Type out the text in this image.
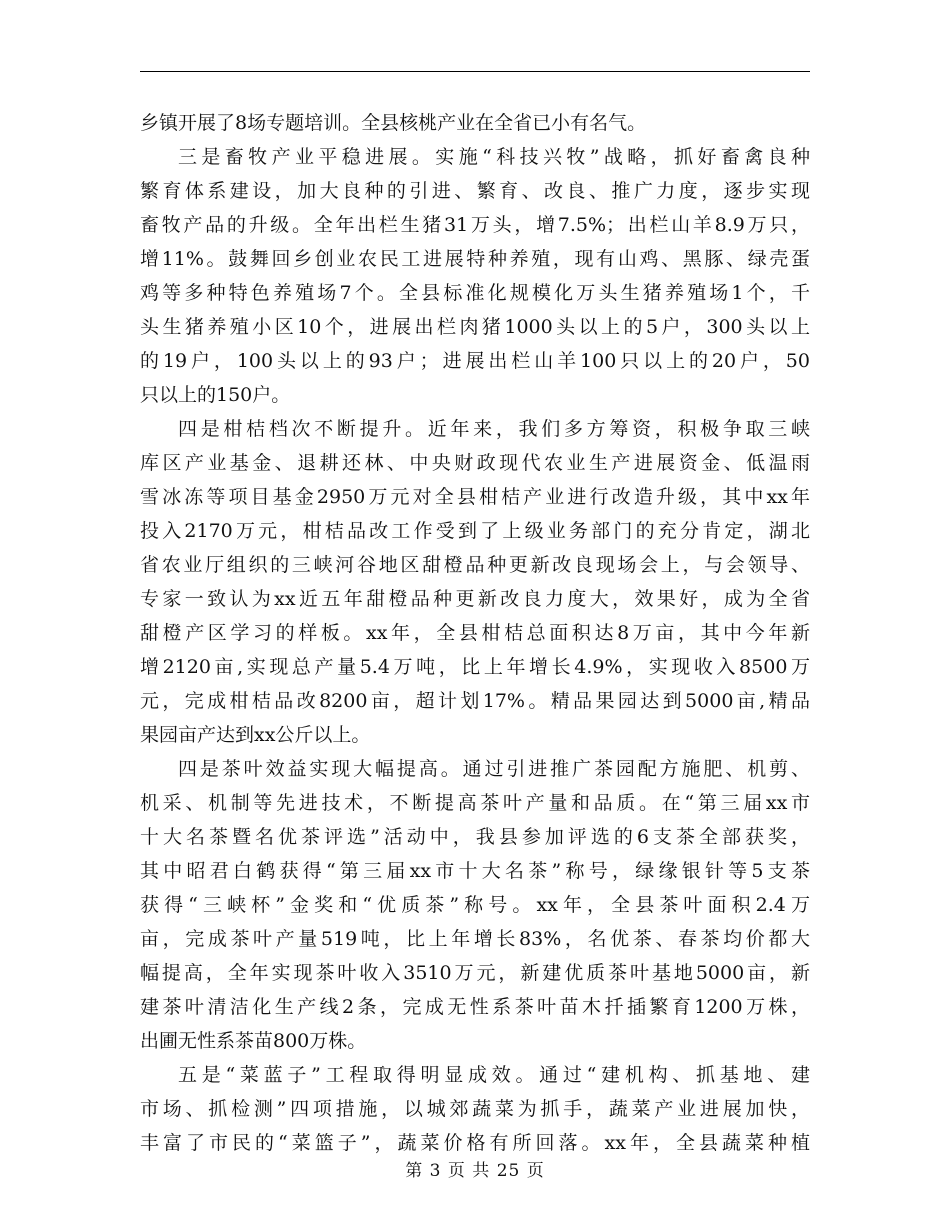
乡镇开展了8场专题培训。全县核桃产业在全省已小有名气。
三是畜牧产业平稳进展。实施“科技兴牧”战略，抓好畜禽良种
繁育体系建设，加大良种的引进、繁育、改良、推广力度，逐步实现
畜牧产品的升级。全年出栏生猪31万头，增7.5%；出栏山羊8.9万只，
增11%。鼓舞回乡创业农民工进展特种养殖，现有山鸡、黑豚、绿壳蛋
鸡等多种特色养殖场7个。全县标准化规模化万头生猪养殖场1个，千
头生猪养殖小区10个，进展出栏肉猪1000头以上的5户，300头以上
的19户，100头以上的93户；进展出栏山羊100只以上的20户，50
只以上的150户。
四是柑桔档次不断提升。近年来，我们多方筹资，积极争取三峡
库区产业基金、退耕还林、中央财政现代农业生产进展资金、低温雨
雪冰冻等项目基金2950万元对全县柑桔产业进行改造升级，其中xx年
投入2170万元，柑桔品改工作受到了上级业务部门的充分肯定，湖北
省农业厅组织的三峡河谷地区甜橙品种更新改良现场会上，与会领导、
专家一致认为xx近五年甜橙品种更新改良力度大，效果好，成为全省
甜橙产区学习的样板。xx年，全县柑桔总面积达8万亩，其中今年新
增2120亩,实现总产量5.4万吨，比上年增长4.9%，实现收入8500万
元，完成柑桔品改8200亩，超计划17%。精品果园达到5000亩,精品
果园亩产达到xx公斤以上。
四是茶叶效益实现大幅提高。通过引进推广茶园配方施肥、机剪、
机采、机制等先进技术，不断提高茶叶产量和品质。在“第三届xx市
十大名茶暨名优茶评选”活动中，我县参加评选的6支茶全部获奖，
其中昭君白鹤获得“第三届xx市十大名茶”称号，绿缘银针等5支茶
获得“三峡杯”金奖和“优质茶”称号。xx年，全县茶叶面积2.4万
亩，完成茶叶产量519吨，比上年增长83%，名优茶、春茶均价都大
幅提高，全年实现茶叶收入3510万元，新建优质茶叶基地5000亩，新
建茶叶清洁化生产线2条，完成无性系茶叶苗木扦插繁育1200万株，
出圃无性系茶苗800万株。
五是“菜蓝子”工程取得明显成效。通过“建机构、抓基地、建
市场、抓检测”四项措施，以城郊蔬菜为抓手，蔬菜产业进展加快，
丰富了市民的“菜篮子”，蔬菜价格有所回落。xx年，全县蔬菜种植
第 3 页 共 25 页
